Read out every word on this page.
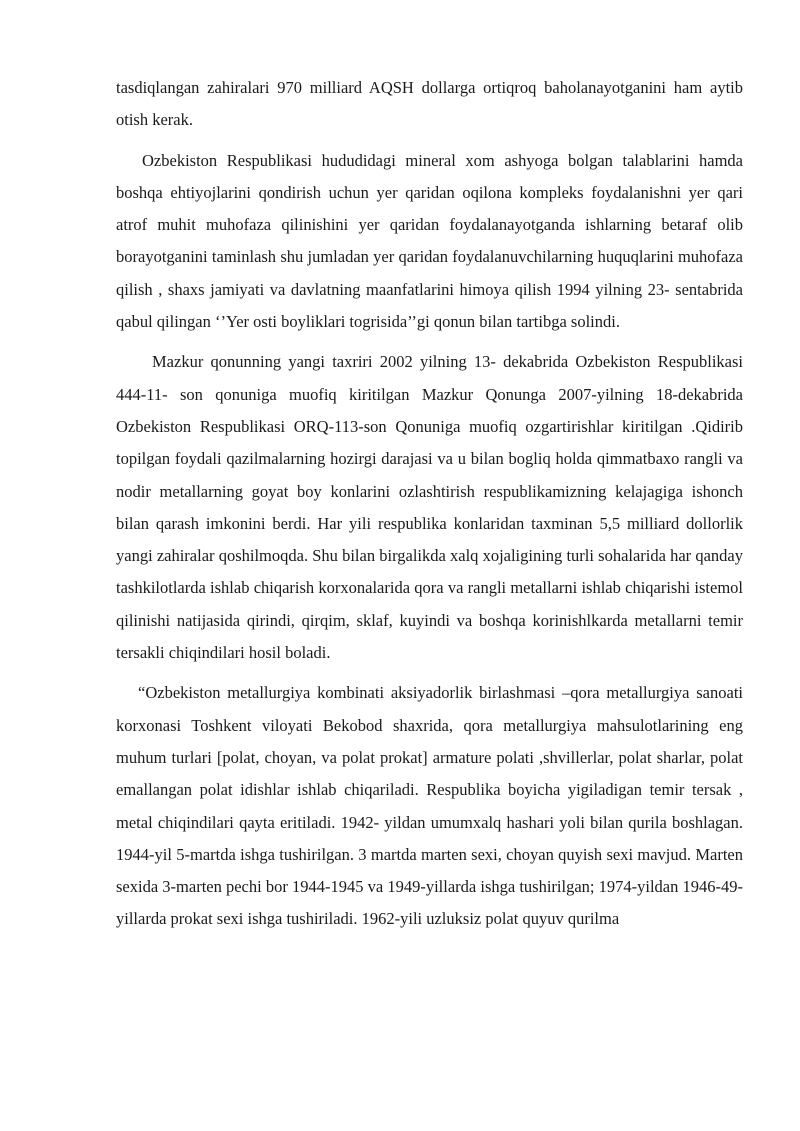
tasdiqlangan zahiralari 970 milliard AQSH dollarga ortiqroq baholanayotganini ham aytib otish kerak.

Ozbekiston Respublikasi hududidagi mineral xom ashyoga bolgan talablarini hamda boshqa ehtiyojlarini qondirish uchun yer qaridan oqilona kompleks foydalanishni yer qari atrof muhit muhofaza qilinishini yer qaridan foydalanayotganda ishlarning betaraf olib borayotganini taminlash shu jumladan yer qaridan foydalanuvchilarning huquqlarini muhofaza qilish , shaxs jamiyati va davlatning maanfatlarini himoya qilish 1994 yilning 23- sentabrida qabul qilingan ‘’Yer osti boyliklari togrisida’’gi qonun bilan tartibga solindi.

Mazkur qonunning yangi taxriri 2002 yilning 13- dekabrida Ozbekiston Respublikasi 444-11- son qonuniga muofiq kiritilgan Mazkur Qonunga 2007-yilning 18-dekabrida Ozbekiston Respublikasi ORQ-113-son Qonuniga muofiq ozgartirishlar kiritilgan .Qidirib topilgan foydali qazilmalarning hozirgi darajasi va u bilan bogliq holda qimmatbaxo rangli va nodir metallarning goyat boy konlarini ozlashtirish respublikamizning kelajagiga ishonch bilan qarash imkonini berdi. Har yili respublika konlaridan taxminan 5,5 milliard dollorlik yangi zahiralar qoshilmoqda. Shu bilan birgalikda xalq xojaligining turli sohalarida har qanday tashkilotlarda ishlab chiqarish korxonalarida qora va rangli metallarni ishlab chiqarishi istemol qilinishi natijasida qirindi, qirqim, sklaf, kuyindi va boshqa korinishlkarda metallarni temir tersakli chiqindilari hosil boladi.

“Ozbekiston metallurgiya kombinati aksiyadorlik birlashmasi –qora metallurgiya sanoati korxonasi Toshkent viloyati Bekobod shaxrida, qora metallurgiya mahsulotlarining eng muhum turlari [polat, choyan, va polat prokat] armature polati ,shvillerlar, polat sharlar, polat emallangan polat idishlar ishlab chiqariladi. Respublika boyicha yigiladigan temir tersak , metal chiqindilari qayta eritiladi. 1942- yildan umumxalq hashari yoli bilan qurila boshlagan. 1944-yil 5-martda ishga tushirilgan. 3 martda marten sexi, choyan quyish sexi mavjud. Marten sexida 3-marten pechi bor 1944-1945 va 1949-yillarda ishga tushirilgan; 1974-yildan 1946-49-yillarda prokat sexi ishga tushiriladi. 1962-yili uzluksiz polat quyuv qurilma
